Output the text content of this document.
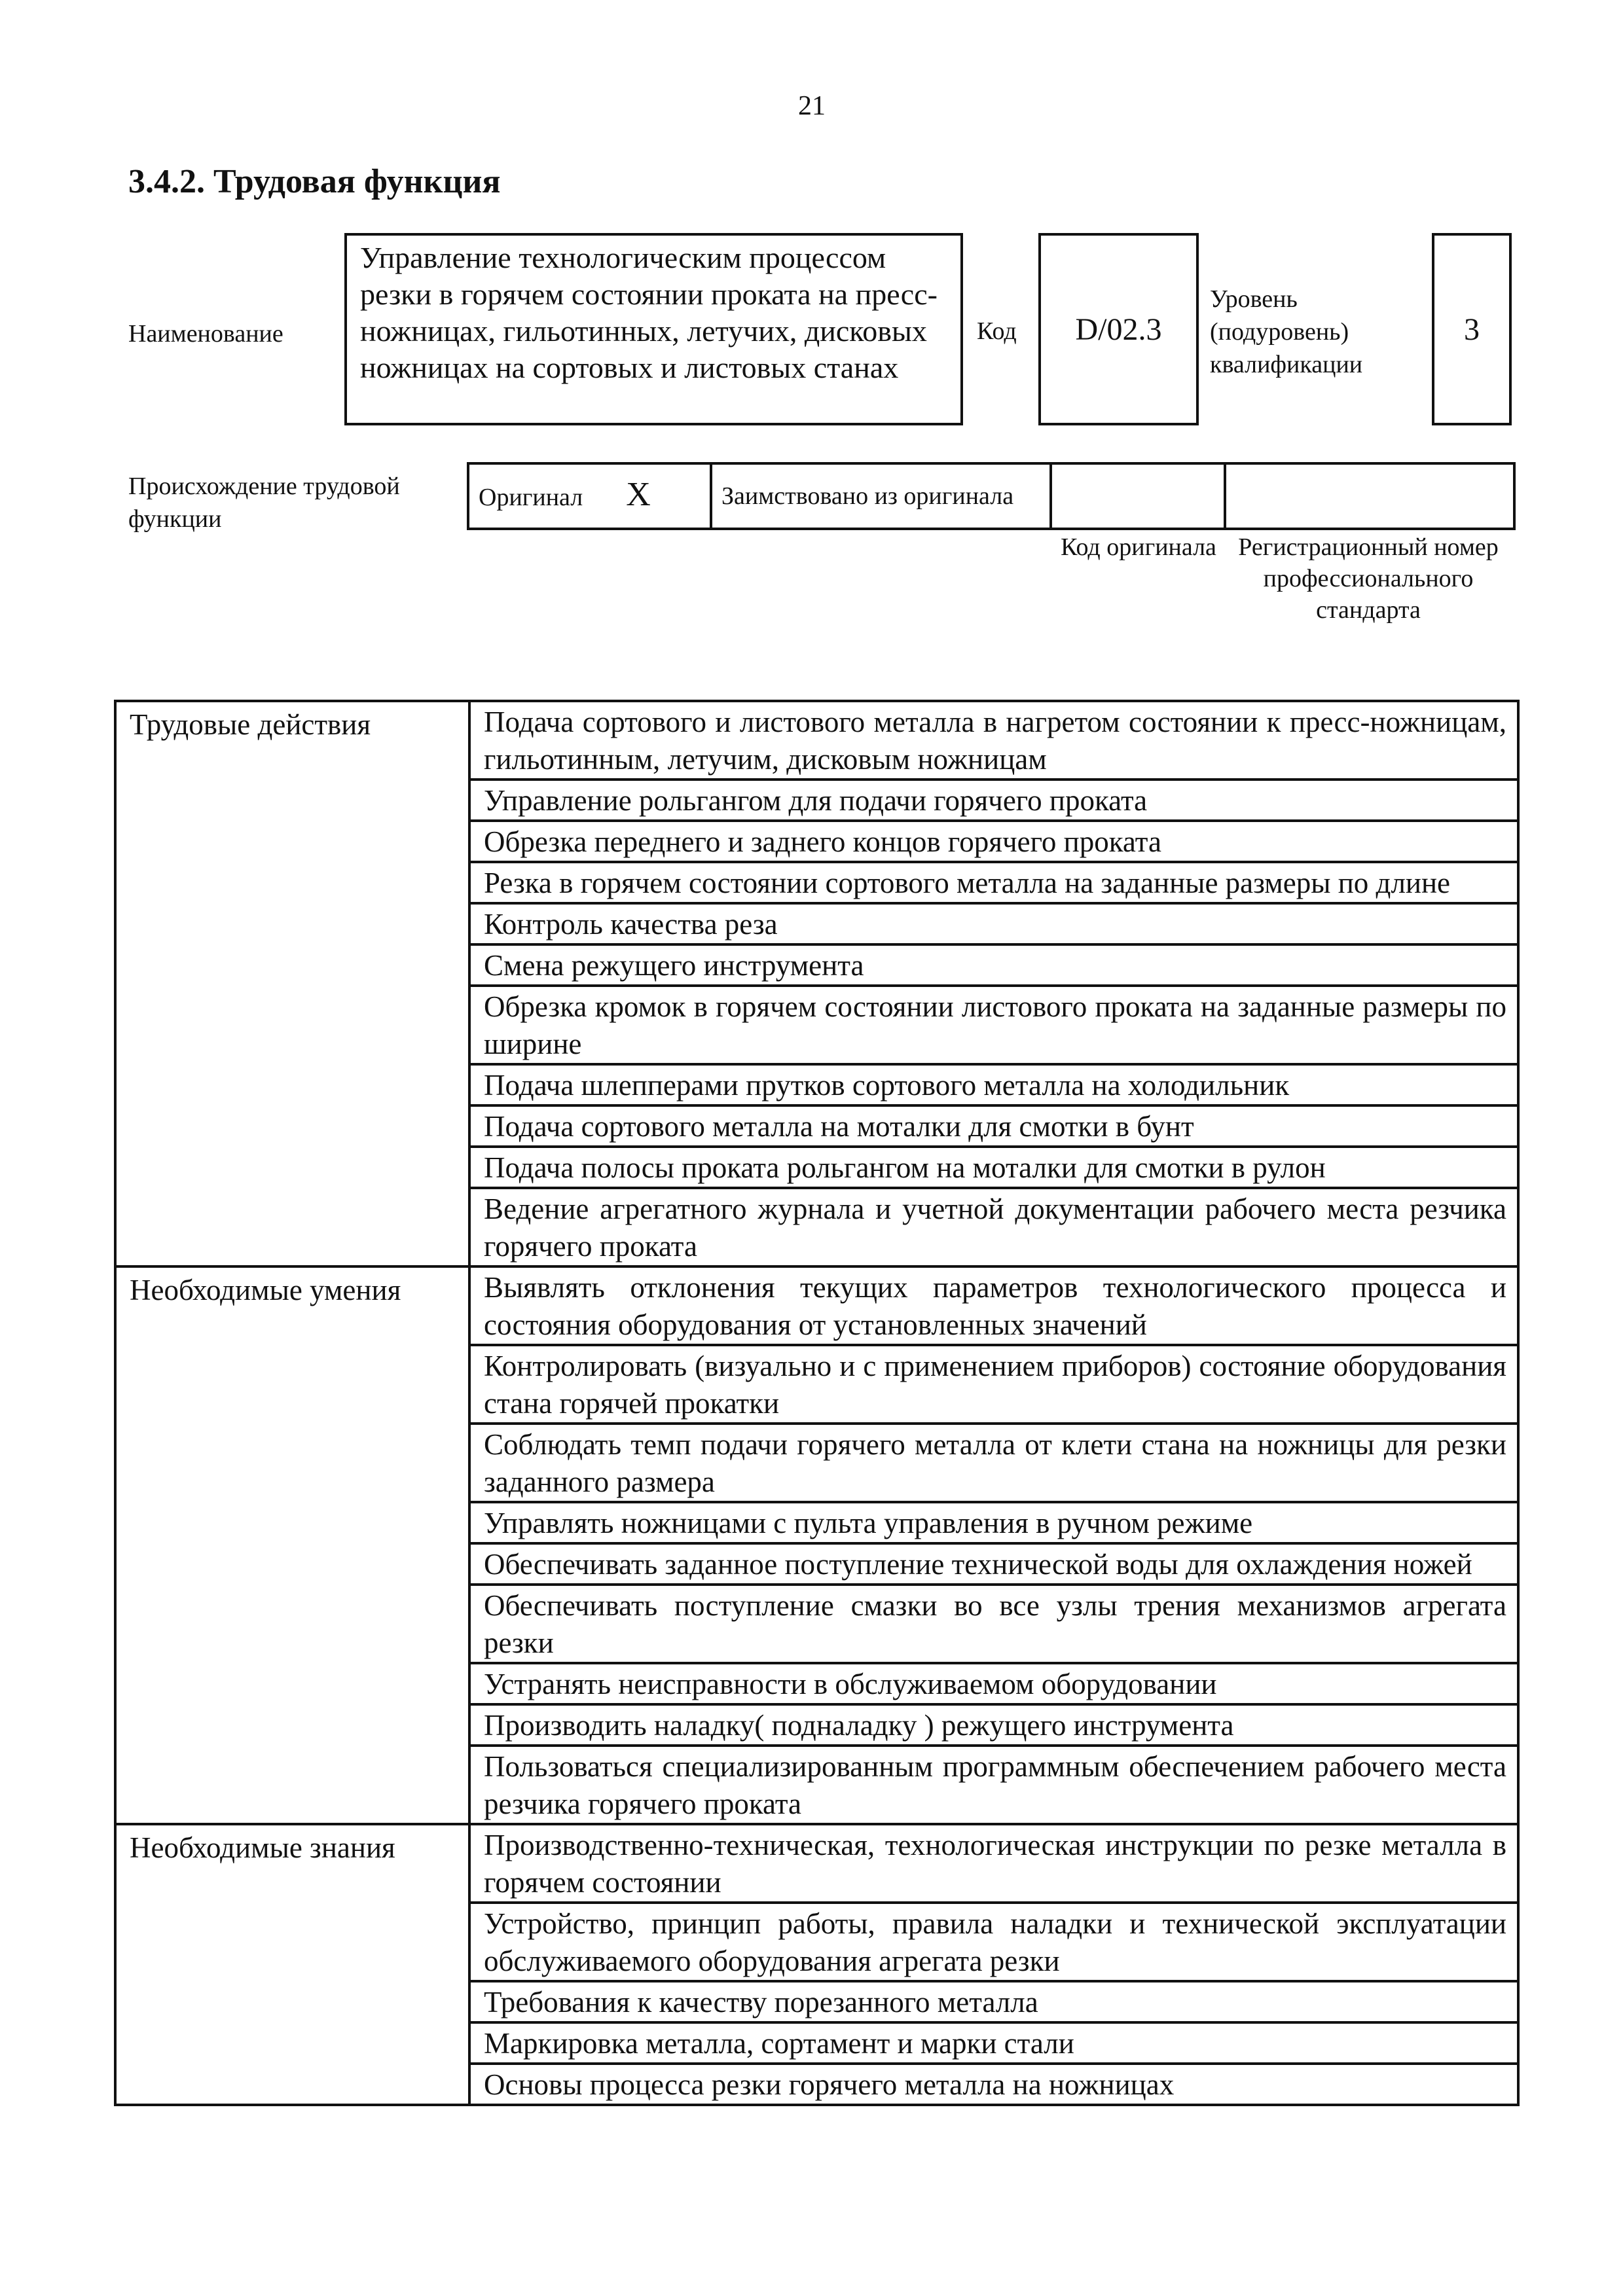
21
3.4.2. Трудовая функция
Наименование
Управление технологическим процессом резки в горячем состоянии проката на пресс-ножницах, гильотинных, летучих, дисковых ножницах на сортовых и листовых станах
Код	D/02.3
Уровень (подуровень) квалификации
3
Происхождение трудовой функции
Оригинал X	Заимствовано из оригинала		
Код оригинала Регистрационный номер профессионального стандарта
Трудовые действия	Подача сортового и листового металла в нагретом состоянии к пресс-ножницам, гильотинным, летучим, дисковым ножницам
	Управление рольгангом для подачи горячего проката
	Обрезка переднего и заднего концов горячего проката
	Резка в горячем состоянии сортового металла на заданные размеры по длине
	Контроль качества реза
	Смена режущего инструмента
	Обрезка кромок в горячем состоянии листового проката на заданные размеры по ширине
	Подача шлепперами прутков сортового металла на холодильник
	Подача сортового металла на моталки для смотки в бунт
	Подача полосы проката рольгангом на моталки для смотки в рулон
	Ведение агрегатного журнала и учетной документации рабочего места резчика горячего проката
Необходимые умения	Выявлять отклонения текущих параметров технологического процесса и состояния оборудования от установленных значений
	Контролировать (визуально и с применением приборов) состояние оборудования стана горячей прокатки
	Соблюдать темп подачи горячего металла от клети стана на ножницы для резки заданного размера
	Управлять ножницами с пульта управления в ручном режиме
	Обеспечивать заданное поступление технической воды для охлаждения ножей
	Обеспечивать поступление смазки во все узлы трения механизмов агрегата резки
	Устранять неисправности в обслуживаемом оборудовании
	Производить наладку( подналадку ) режущего инструмента
	Пользоваться специализированным программным обеспечением рабочего места резчика горячего проката
Необходимые знания	Производственно-техническая, технологическая инструкции по резке металла в горячем состоянии
	Устройство, принцип работы, правила наладки и технической эксплуатации обслуживаемого оборудования агрегата резки
	Требования к качеству порезанного металла
	Маркировка металла, сортамент и марки стали
	Основы процесса резки горячего металла на ножницах
